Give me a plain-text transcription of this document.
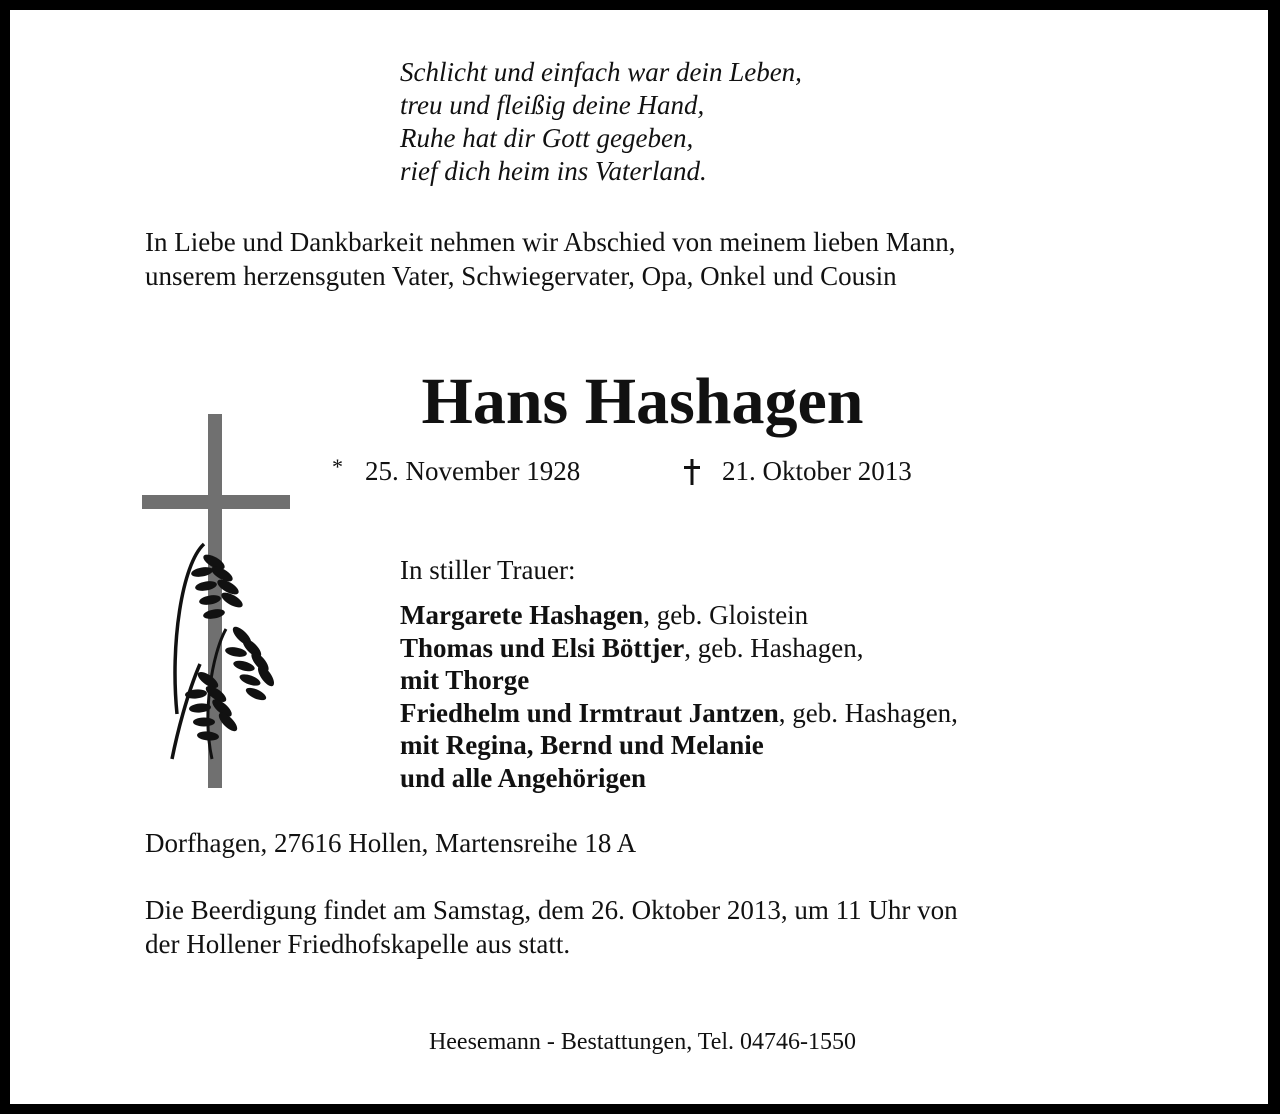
Schlicht und einfach war dein Leben,
treu und fleißig deine Hand,
Ruhe hat dir Gott gegeben,
rief dich heim ins Vaterland.
In Liebe und Dankbarkeit nehmen wir Abschied von meinem lieben Mann,
unserem herzensguten Vater, Schwiegervater, Opa, Onkel und Cousin
Hans Hashagen
* 25. November 1928	21. Oktober 2013
In stiller Trauer:
Margarete Hashagen, geb. Gloistein
Thomas und Elsi Böttjer, geb. Hashagen,
mit Thorge
Friedhelm und Irmtraut Jantzen, geb. Hashagen,
mit Regina, Bernd und Melanie
und alle Angehörigen
Dorfhagen, 27616 Hollen, Martensreihe 18 A
Die Beerdigung findet am Samstag, dem 26. Oktober 2013, um 11 Uhr von
der Hollener Friedhofskapelle aus statt.
Heesemann - Bestattungen, Tel. 04746-1550
